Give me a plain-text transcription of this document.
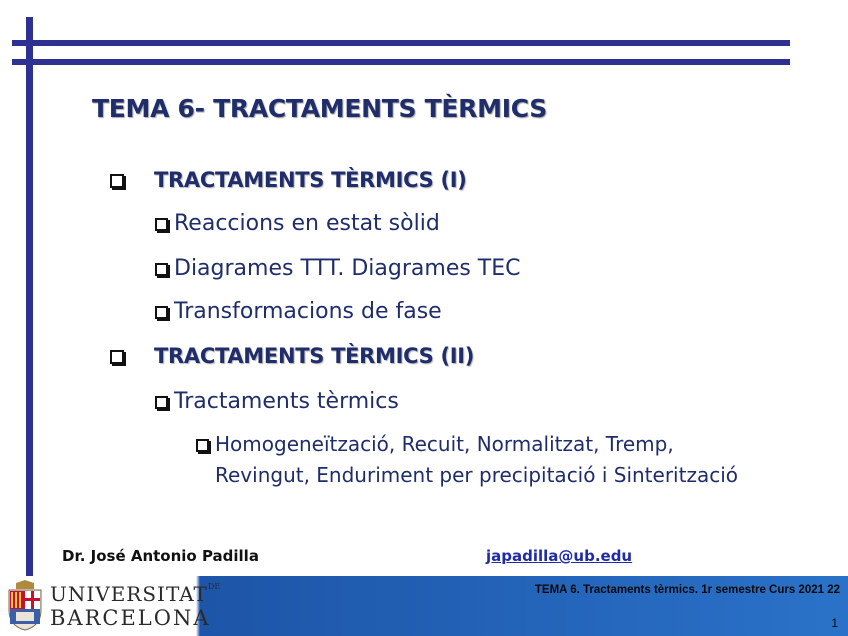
TEMA 6- TRACTAMENTS TÈRMICS
TRACTAMENTS TÈRMICS (I)
Reaccions en estat sòlid
Diagrames TTT. Diagrames TEC
Transformacions de fase
TRACTAMENTS TÈRMICS (II)
Tractaments tèrmics
Homogeneïtzació, Recuit, Normalitzat, Tremp,
Revingut, Enduriment per precipitació i Sinterització
Dr. José Antonio Padilla	japadilla@ub.edu
$UNIVERSITAT^{DE}$
BARCELONA
TEMA 6. Tractaments tèrmics. 1r semestre Curs 2021 22
1
